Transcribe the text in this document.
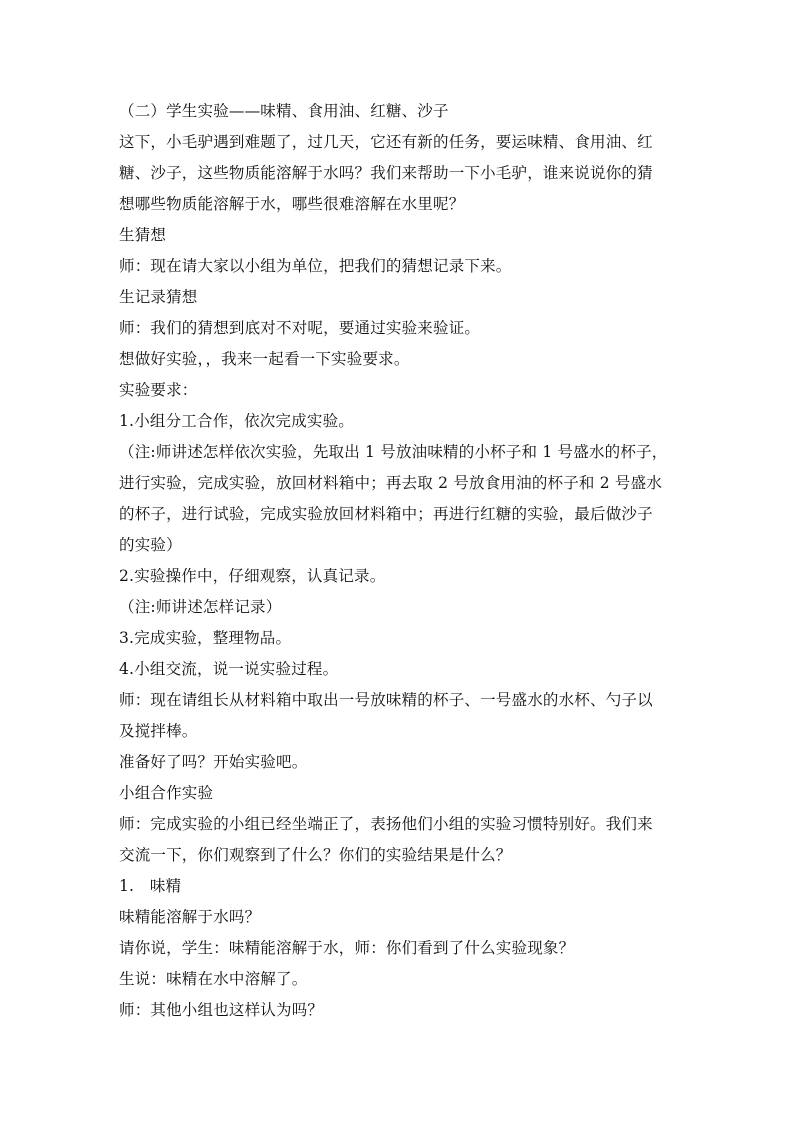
（二）学生实验——味精、食用油、红糖、沙子
这下，小毛驴遇到难题了，过几天，它还有新的任务，要运味精、食用油、红
糖、沙子，这些物质能溶解于水吗？我们来帮助一下小毛驴，谁来说说你的猜
想哪些物质能溶解于水，哪些很难溶解在水里呢？
生猜想
师：现在请大家以小组为单位，把我们的猜想记录下来。
生记录猜想
师：我们的猜想到底对不对呢，要通过实验来验证。
想做好实验，，我来一起看一下实验要求。
实验要求：
1.小组分工合作，依次完成实验。
（注:师讲述怎样依次实验，先取出 1 号放油味精的小杯子和 1 号盛水的杯子，
进行实验，完成实验，放回材料箱中；再去取 2 号放食用油的杯子和 2 号盛水
的杯子，进行试验，完成实验放回材料箱中；再进行红糖的实验，最后做沙子
的实验）
2.实验操作中，仔细观察，认真记录。
（注:师讲述怎样记录）
3.完成实验，整理物品。
4.小组交流，说一说实验过程。
师：现在请组长从材料箱中取出一号放味精的杯子、一号盛水的水杯、勺子以
及搅拌棒。
准备好了吗？开始实验吧。
小组合作实验
师：完成实验的小组已经坐端正了，表扬他们小组的实验习惯特别好。我们来
交流一下，你们观察到了什么？你们的实验结果是什么？
1.　味精
味精能溶解于水吗？
请你说，学生：味精能溶解于水，师：你们看到了什么实验现象？
生说：味精在水中溶解了。
师：其他小组也这样认为吗？
